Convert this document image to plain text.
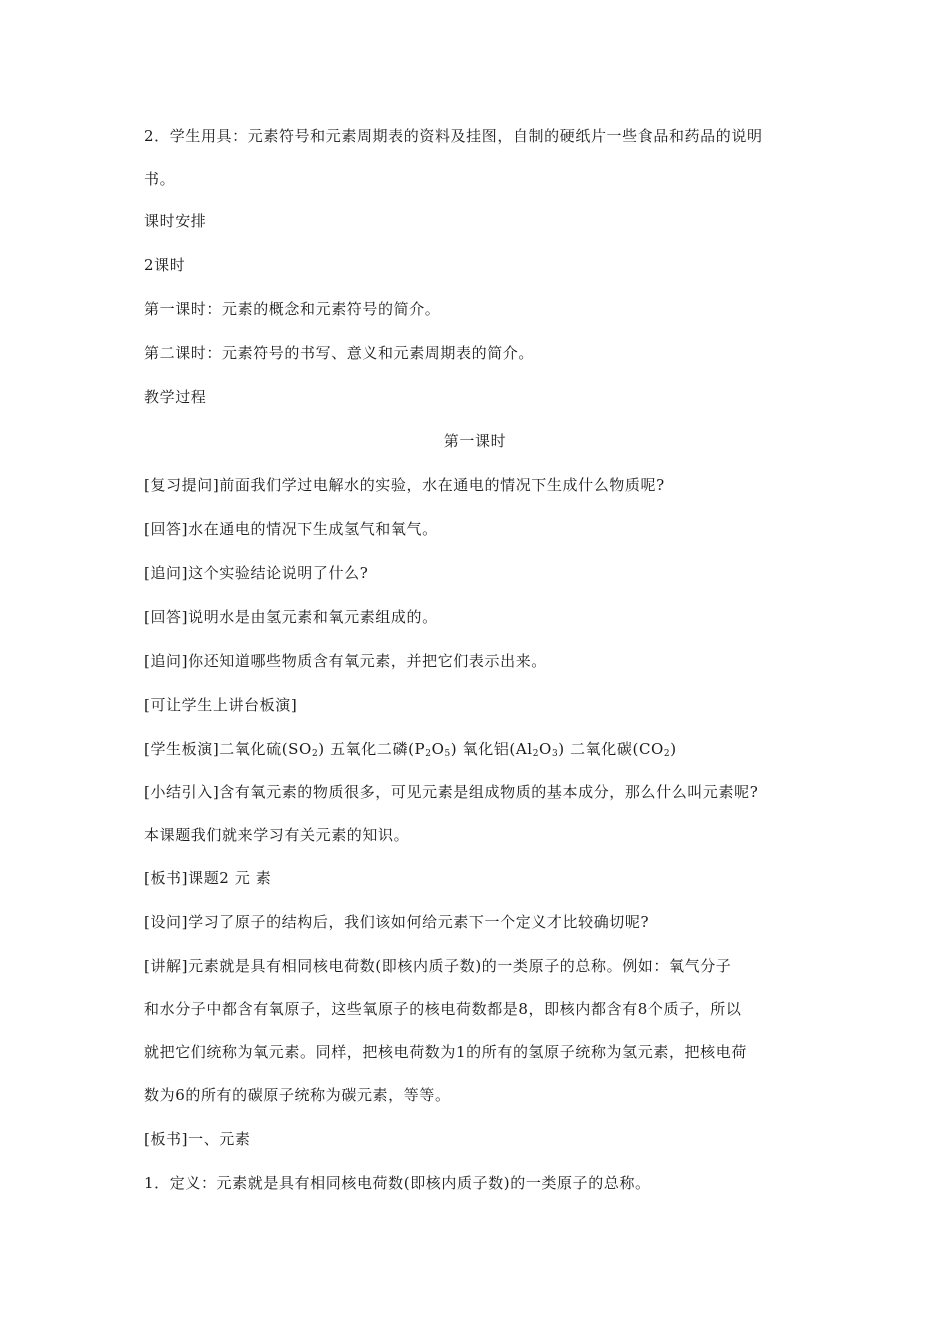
2．学生用具：元素符号和元素周期表的资料及挂图，自制的硬纸片一些食品和药品的说明
书。
课时安排
2课时
第一课时：元素的概念和元素符号的简介。
第二课时：元素符号的书写、意义和元素周期表的简介。
教学过程
第一课时
[复习提问]前面我们学过电解水的实验，水在通电的情况下生成什么物质呢?
[回答]水在通电的情况下生成氢气和氧气。
[追问]这个实验结论说明了什么?
[回答]说明水是由氢元素和氧元素组成的。
[追问]你还知道哪些物质含有氧元素，并把它们表示出来。
[可让学生上讲台板演]
[学生板演]二氧化硫$(SO_2)$ 五氧化二磷$(P_2O_5)$ 氧化铝$(Al_2O_3)$ 二氧化碳$(CO_2)$
[小结引入]含有氧元素的物质很多，可见元素是组成物质的基本成分，那么什么叫元素呢?
本课题我们就来学习有关元素的知识。
[板书]课题2 元 素
[设问]学习了原子的结构后，我们该如何给元素下一个定义才比较确切呢?
[讲解]元素就是具有相同核电荷数(即核内质子数)的一类原子的总称。例如：氧气分子
和水分子中都含有氧原子，这些氧原子的核电荷数都是8，即核内都含有8个质子，所以
就把它们统称为氧元素。同样，把核电荷数为1的所有的氢原子统称为氢元素，把核电荷
数为6的所有的碳原子统称为碳元素，等等。
[板书]一、元素
1．定义：元素就是具有相同核电荷数(即核内质子数)的一类原子的总称。
